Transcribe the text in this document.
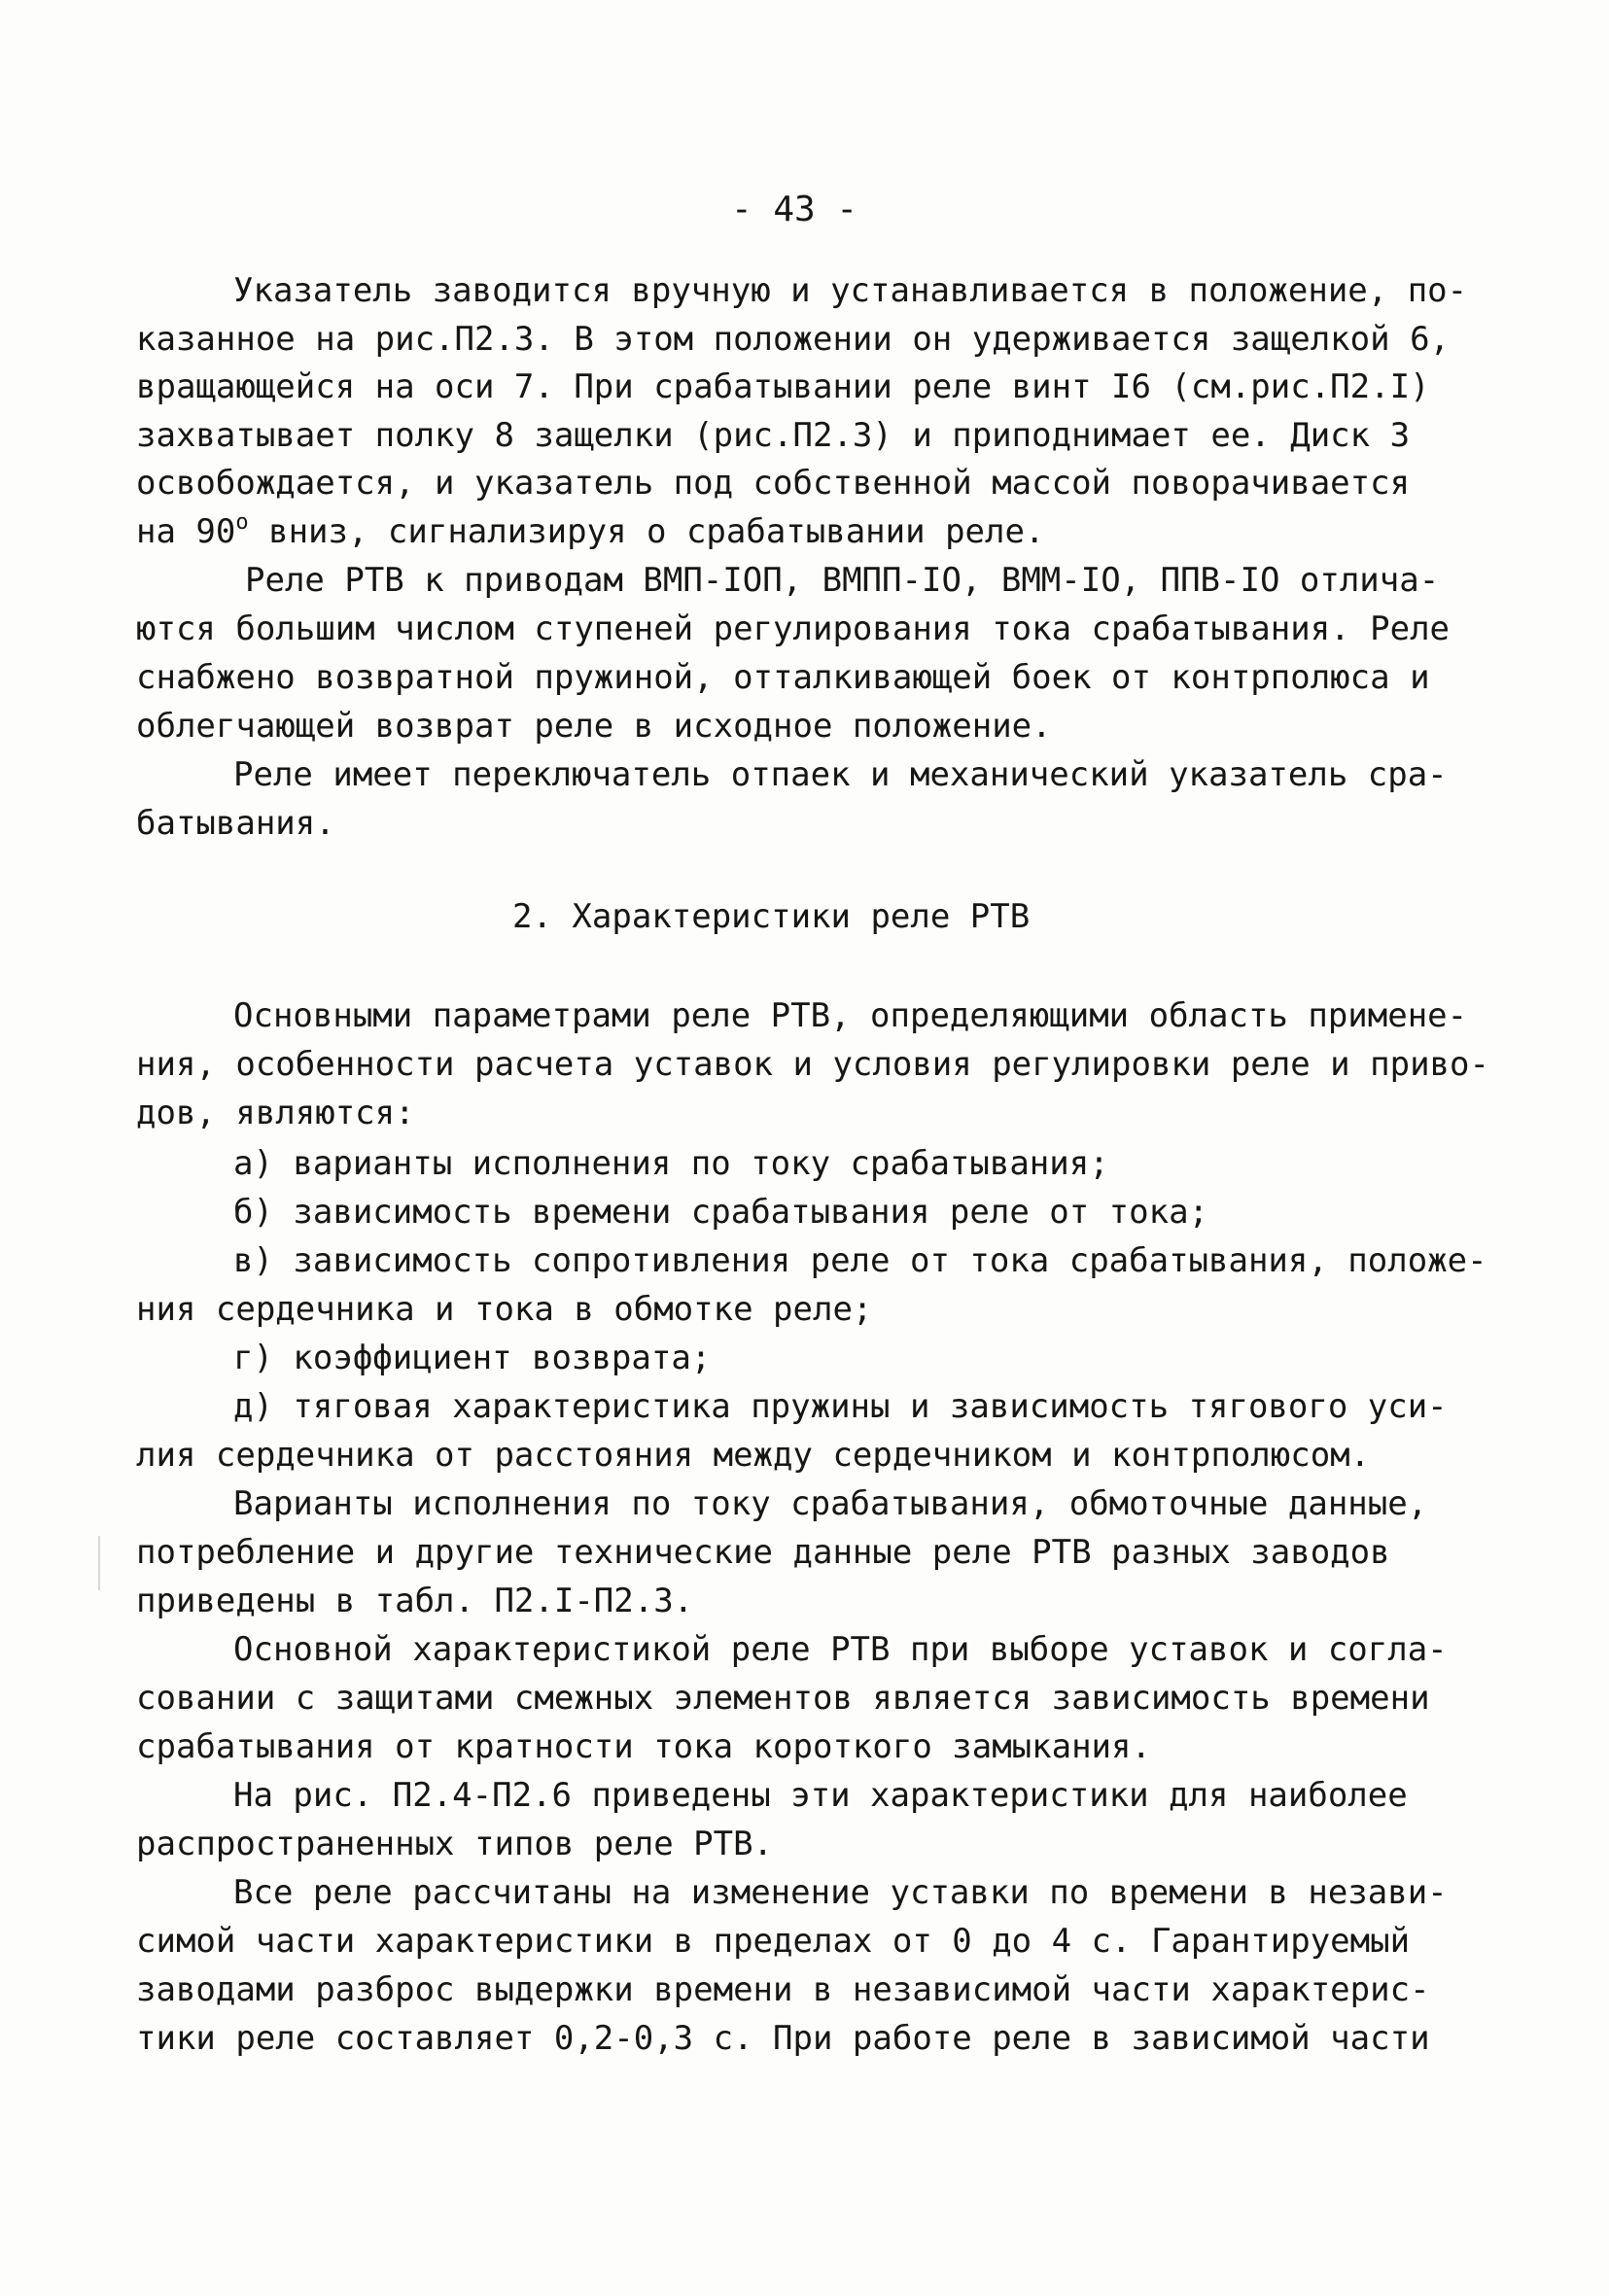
- 43 -
Указатель заводится вручную и устанавливается в положение, по-
казанное на рис.П2.3. В этом положении он удерживается защелкой 6,
вращающейся на оси 7. При срабатывании реле винт I6 (см.рис.П2.I)
захватывает полку 8 защелки (рис.П2.3) и приподнимает ее. Диск 3
освобождается, и указатель под собственной массой поворачивается
на $90^о$ вниз, сигнализируя о срабатывании реле.
Реле РТВ к приводам ВМП-IОП, ВМПП-IО, ВММ-IО, ППВ-IО отлича-
ются большим числом ступеней регулирования тока срабатывания. Реле
снабжено возвратной пружиной, отталкивающей боек от контрполюса и
облегчающей возврат реле в исходное положение.
Реле имеет переключатель отпаек и механический указатель сра-
батывания.
2. Характеристики реле РТВ
Основными параметрами реле РТВ, определяющими область примене-
ния, особенности расчета уставок и условия регулировки реле и приво-
дов, являются:
а) варианты исполнения по току срабатывания;
б) зависимость времени срабатывания реле от тока;
в) зависимость сопротивления реле от тока срабатывания, положе-
ния сердечника и тока в обмотке реле;
г) коэффициент возврата;
д) тяговая характеристика пружины и зависимость тягового уси-
лия сердечника от расстояния между сердечником и контрполюсом.
Варианты исполнения по току срабатывания, обмоточные данные,
потребление и другие технические данные реле РТВ разных заводов
приведены в табл. П2.I-П2.3.
Основной характеристикой реле РТВ при выборе уставок и согла-
совании с защитами смежных элементов является зависимость времени
срабатывания от кратности тока короткого замыкания.
На рис. П2.4-П2.6 приведены эти характеристики для наиболее
распространенных типов реле РТВ.
Все реле рассчитаны на изменение уставки по времени в незави-
симой части характеристики в пределах от 0 до 4 с. Гарантируемый
заводами разброс выдержки времени в независимой части характерис-
тики реле составляет 0,2-0,3 с. При работе реле в зависимой части
